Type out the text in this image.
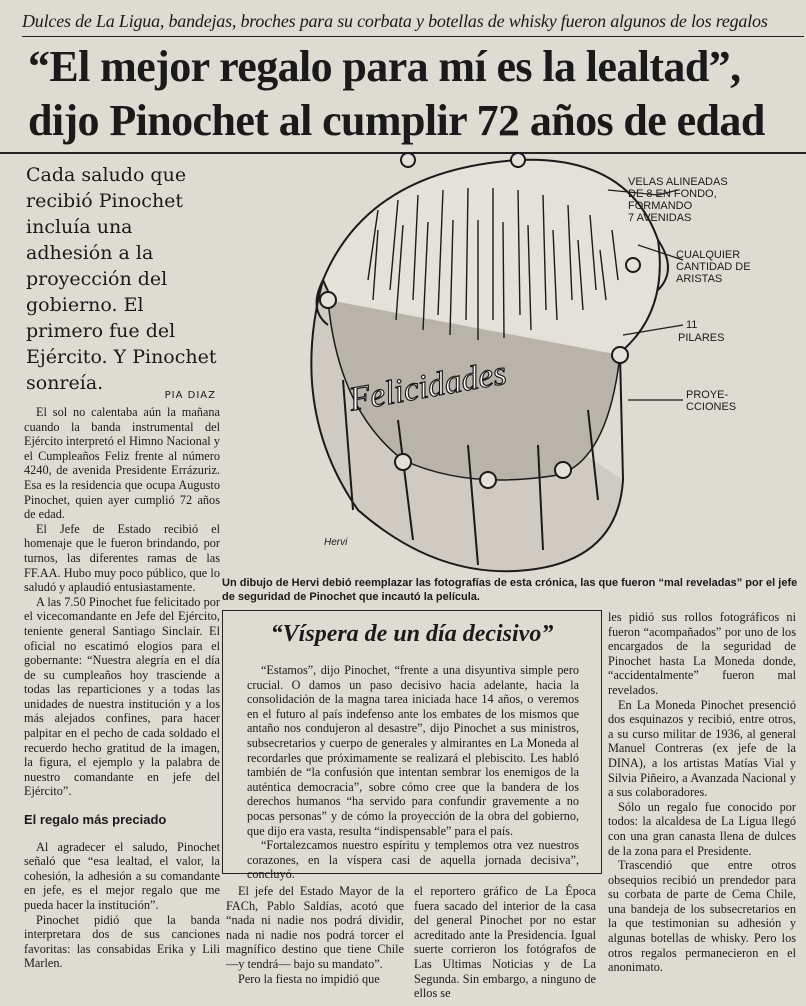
Dulces de La Ligua, bandejas, broches para su corbata y botellas de whisky fueron algunos de los regalos
“El mejor regalo para mí es la lealtad”,
dijo Pinochet al cumplir 72 años de edad

Cada saludo que recibió Pinochet incluía una adhesión a la proyección del gobierno. El primero fue del Ejército. Y Pinochet sonreía.

PIA DIAZ

El sol no calentaba aún la mañana cuando la banda instrumental del Ejército interpretó el Himno Nacional y el Cumpleaños Feliz frente al número 4240, de avenida Presidente Errázuriz. Esa es la residencia que ocupa Augusto Pinochet, quien ayer cumplió 72 años de edad.

El Jefe de Estado recibió el homenaje que le fueron brindando, por turnos, las diferentes ramas de las FF.AA. Hubo muy poco público, que lo saludó y aplaudió entusiastamente.

A las 7.50 Pinochet fue felicitado por el vicecomandante en Jefe del Ejército, teniente general Santiago Sinclair. El oficial no escatimó elogios para el gobernante: “Nuestra alegría en el día de su cumpleaños hoy trasciende a todas las reparticiones y a todas las unidades de nuestra institución y a los más alejados confines, para hacer palpitar en el pecho de cada soldado el recuerdo hecho gratitud de la imagen, la figura, el ejemplo y la palabra de nuestro comandante en jefe del Ejército”.

El regalo más preciado

Al agradecer el saludo, Pinochet señaló que “esa lealtad, el valor, la cohesión, la adhesión a su comandante en jefe, es el mejor regalo que me pueda hacer la institución”.

Pinochet pidió que la banda interpretara dos de sus canciones favoritas: las consabidas Erika y Lili Marlen.

Felicidades
VELAS ALINEADAS DE 8 EN FONDO, FORMANDO 7 AVENIDAS
CUALQUIER CANTIDAD DE ARISTAS
11 PILARES
PROYE-CCIONES
Hervi
Un dibujo de Hervi debió reemplazar las fotografías de esta crónica, las que fueron “mal reveladas” por el jefe de seguridad de Pinochet que incautó la película.
“Víspera de un día decisivo”

“Estamos”, dijo Pinochet, “frente a una disyuntiva simple pero crucial. O damos un paso decisivo hacia adelante, hacia la consolidación de la magna tarea iniciada hace 14 años, o veremos en el futuro al país indefenso ante los embates de los mismos que antaño nos condujeron al desastre”, dijo Pinochet a sus ministros, subsecretarios y cuerpo de generales y almirantes en La Moneda al recordarles que próximamente se realizará el plebiscito. Les habló también de “la confusión que intentan sembrar los enemigos de la auténtica democracia”, sobre cómo cree que la bandera de los derechos humanos “ha servido para confundir gravemente a no pocas personas” y de cómo la proyección de la obra del gobierno, que dijo era vasta, resulta “indispensable” para el país.

“Fortalezcamos nuestro espíritu y templemos otra vez nuestros corazones, en la víspera casi de aquella jornada decisiva”, concluyó.

El jefe del Estado Mayor de la FACh, Pablo Saldías, acotó que “nada ni nadie nos podrá dividir, nada ni nadie nos podrá torcer el magnífico destino que tiene Chile —y tendrá— bajo su mandato”.

Pero la fiesta no impidió que

el reportero gráfico de La Época fuera sacado del interior de la casa del general Pinochet por no estar acreditado ante la Presidencia. Igual suerte corrieron los fotógrafos de Las Ultimas Noticias y de La Segunda. Sin embargo, a ninguno de ellos se

les pidió sus rollos fotográficos ni fueron “acompañados” por uno de los encargados de la seguridad de Pinochet hasta La Moneda donde, “accidentalmente” fueron mal revelados.

En La Moneda Pinochet presenció dos esquinazos y recibió, entre otros, a su curso militar de 1936, al general Manuel Contreras (ex jefe de la DINA), a los artistas Matías Vial y Silvia Piñeiro, a Avanzada Nacional y a sus colaboradores.

Sólo un regalo fue conocido por todos: la alcaldesa de La Ligua llegó con una gran canasta llena de dulces de la zona para el Presidente.

Trascendió que entre otros obsequios recibió un prendedor para su corbata de parte de Cema Chile, una bandeja de los subsecretarios en la que testimonian su adhesión y algunas botellas de whisky. Pero los otros regalos permanecieron en el anonimato.
